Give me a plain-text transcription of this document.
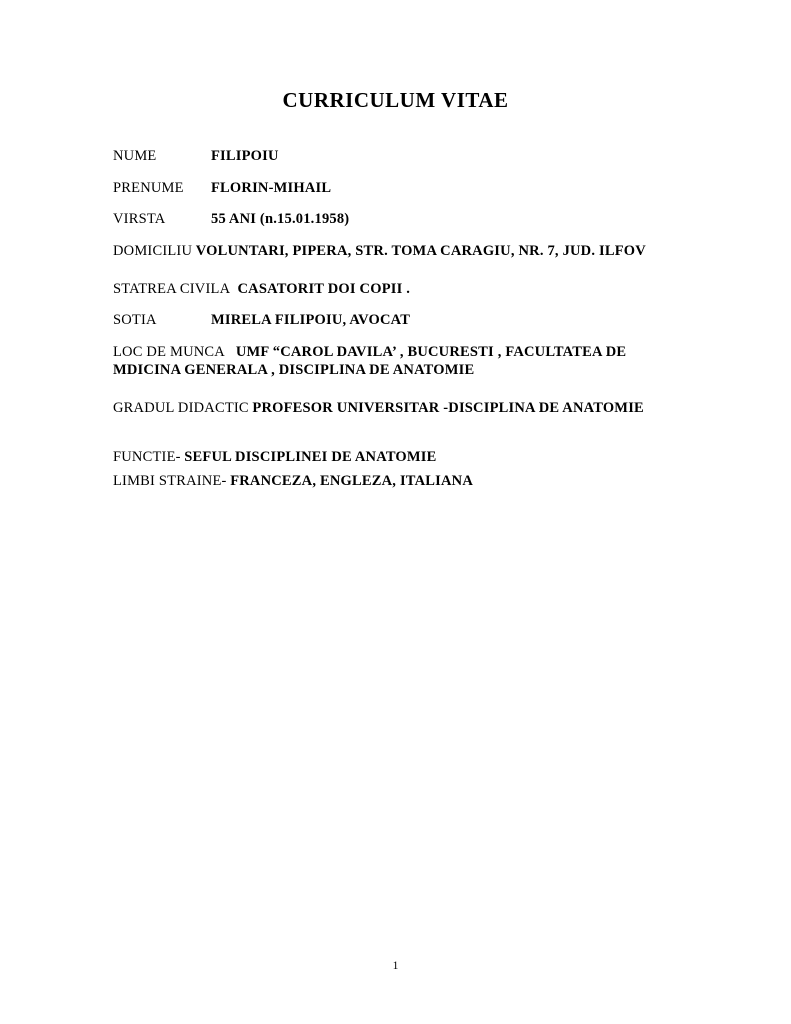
CURRICULUM VITAE
NUME	FILIPOIU
PRENUME FLORIN-MIHAIL
VIRSTA	55 ANI (n.15.01.1958)
DOMICILIU VOLUNTARI, PIPERA, STR. TOMA CARAGIU, NR. 7, JUD. ILFOV
STATREA CIVILA CASATORIT DOI COPII .
SOTIA	MIRELA FILIPOIU, AVOCAT
LOC DE MUNCA UMF “CAROL DAVILA’ , BUCURESTI , FACULTATEA DE MDICINA GENERALA , DISCIPLINA DE ANATOMIE
GRADUL DIDACTIC PROFESOR UNIVERSITAR -DISCIPLINA DE ANATOMIE
FUNCTIE- SEFUL DISCIPLINEI DE ANATOMIE
LIMBI STRAINE- FRANCEZA, ENGLEZA, ITALIANA
1
